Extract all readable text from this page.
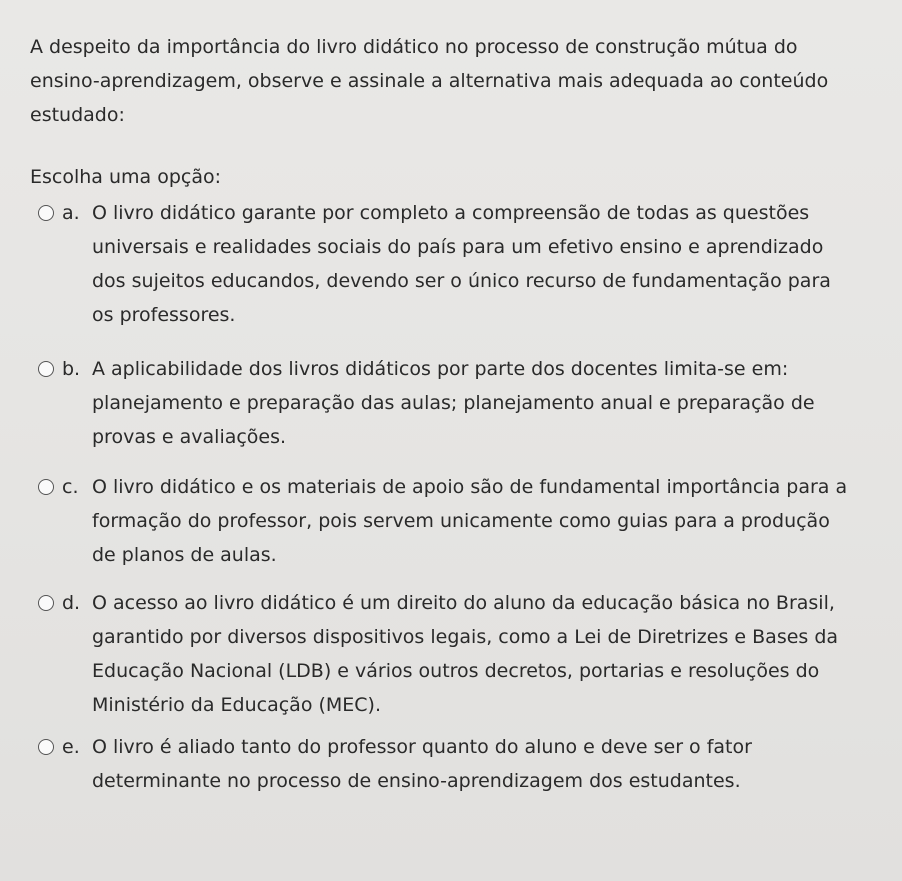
A despeito da importância do livro didático no processo de construção mútua do ensino-aprendizagem, observe e assinale a alternativa mais adequada ao conteúdo estudado:
Escolha uma opção:
a. O livro didático garante por completo a compreensão de todas as questões universais e realidades sociais do país para um efetivo ensino e aprendizado dos sujeitos educandos, devendo ser o único recurso de fundamentação para os professores.
b. A aplicabilidade dos livros didáticos por parte dos docentes limita-se em: planejamento e preparação das aulas; planejamento anual e preparação de provas e avaliações.
c. O livro didático e os materiais de apoio são de fundamental importância para a formação do professor, pois servem unicamente como guias para a produção de planos de aulas.
d. O acesso ao livro didático é um direito do aluno da educação básica no Brasil, garantido por diversos dispositivos legais, como a Lei de Diretrizes e Bases da Educação Nacional (LDB) e vários outros decretos, portarias e resoluções do Ministério da Educação (MEC).
e. O livro é aliado tanto do professor quanto do aluno e deve ser o fator determinante no processo de ensino-aprendizagem dos estudantes.
